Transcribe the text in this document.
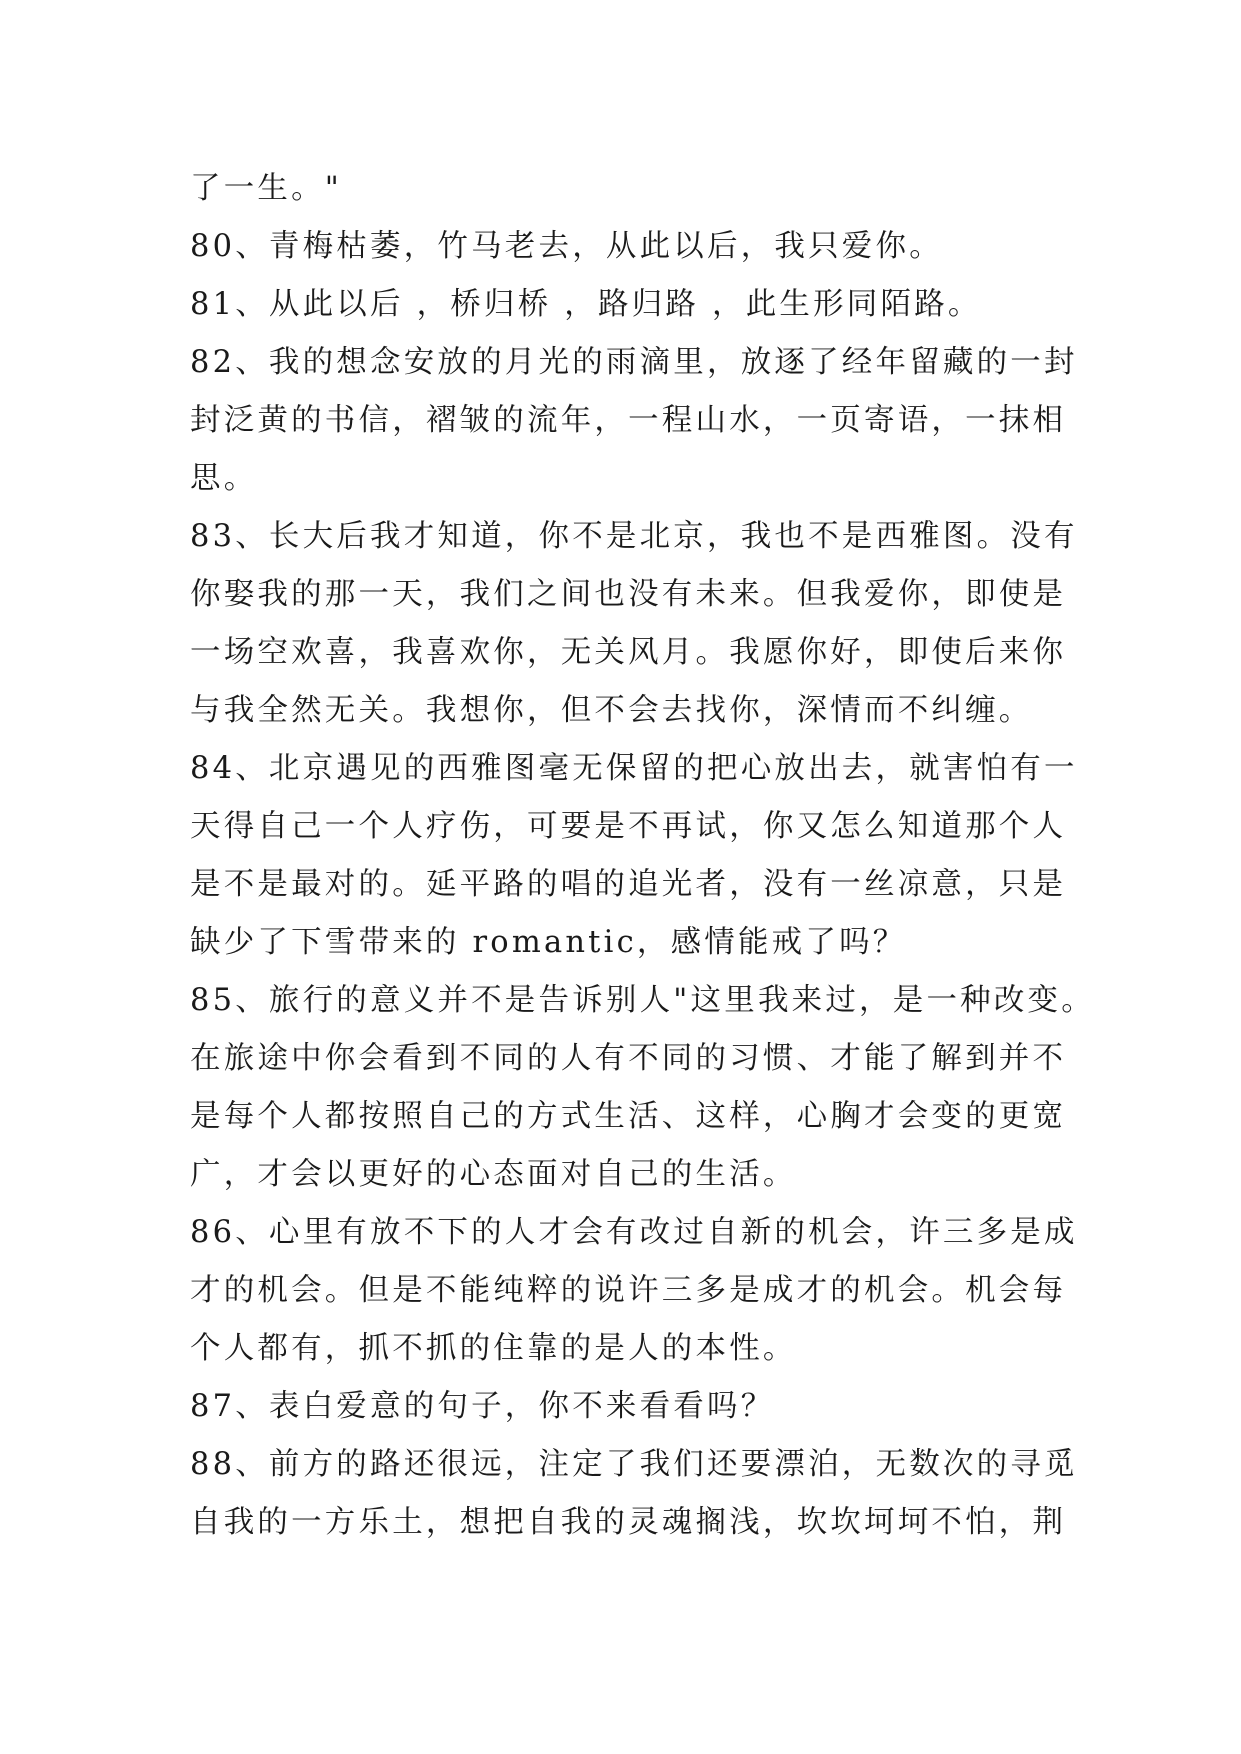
了一生。"
80、青梅枯萎，竹马老去，从此以后，我只爱你。
81、从此以后 ，桥归桥 ，路归路 ，此生形同陌路。
82、我的想念安放的月光的雨滴里，放逐了经年留藏的一封
封泛黄的书信，褶皱的流年，一程山水，一页寄语，一抹相
思。
83、长大后我才知道，你不是北京，我也不是西雅图。没有
你娶我的那一天，我们之间也没有未来。但我爱你，即使是
一场空欢喜，我喜欢你，无关风月。我愿你好，即使后来你
与我全然无关。我想你，但不会去找你，深情而不纠缠。
84、北京遇见的西雅图毫无保留的把心放出去，就害怕有一
天得自己一个人疗伤，可要是不再试，你又怎么知道那个人
是不是最对的。延平路的唱的追光者，没有一丝凉意，只是
缺少了下雪带来的 romantic，感情能戒了吗？
85、旅行的意义并不是告诉别人"这里我来过，是一种改变。
在旅途中你会看到不同的人有不同的习惯、才能了解到并不
是每个人都按照自己的方式生活、这样，心胸才会变的更宽
广，才会以更好的心态面对自己的生活。
86、心里有放不下的人才会有改过自新的机会，许三多是成
才的机会。但是不能纯粹的说许三多是成才的机会。机会每
个人都有，抓不抓的住靠的是人的本性。
87、表白爱意的句子，你不来看看吗？
88、前方的路还很远，注定了我们还要漂泊，无数次的寻觅
自我的一方乐土，想把自我的灵魂搁浅，坎坎坷坷不怕，荆
